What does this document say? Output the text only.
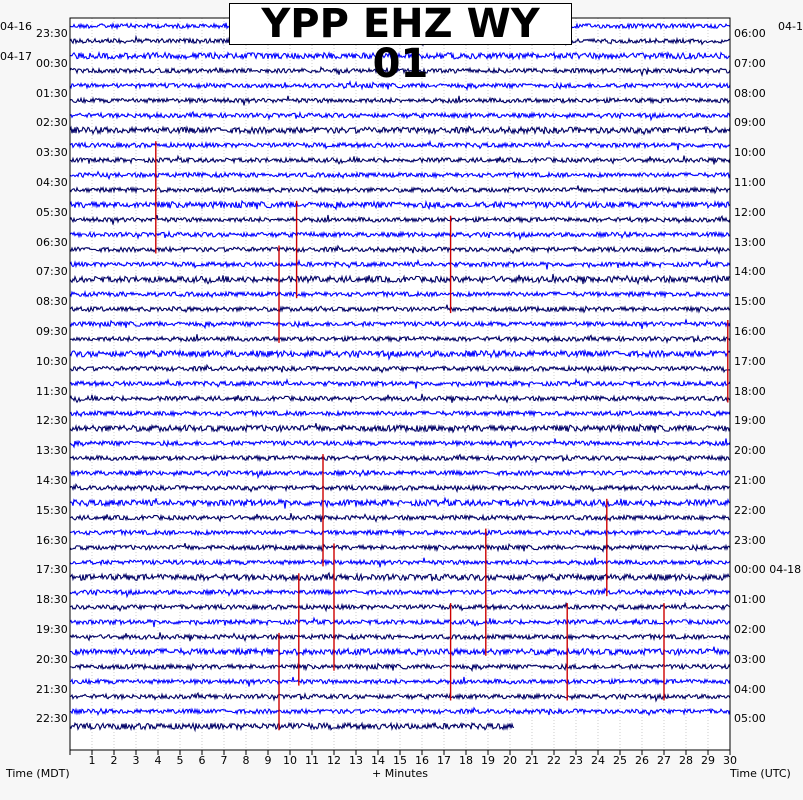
1 2 3 4 5 6 7 8 9 10 11 12 13 14 15 16 17 18 19 20 21 22 23 24 25 26 27 28 29 30
YPP EHZ WY 01
23:30
00:30
01:30
02:30
03:30
04:30
05:30
06:30
07:30
08:30
09:30
10:30
11:30
12:30
13:30
14:30
15:30
16:30
17:30
18:30
19:30
20:30
21:30
22:30
06:00
07:00
08:00
09:00
10:00
11:00
12:00
13:00
14:00
15:00
16:00
17:00
18:00
19:00
20:00
21:00
22:00
23:00
00:00 04-18
01:00
02:00
03:00
04:00
05:00
04-16
04-17
04-1
Time (MDT)	+ Minutes	Time (UTC)
